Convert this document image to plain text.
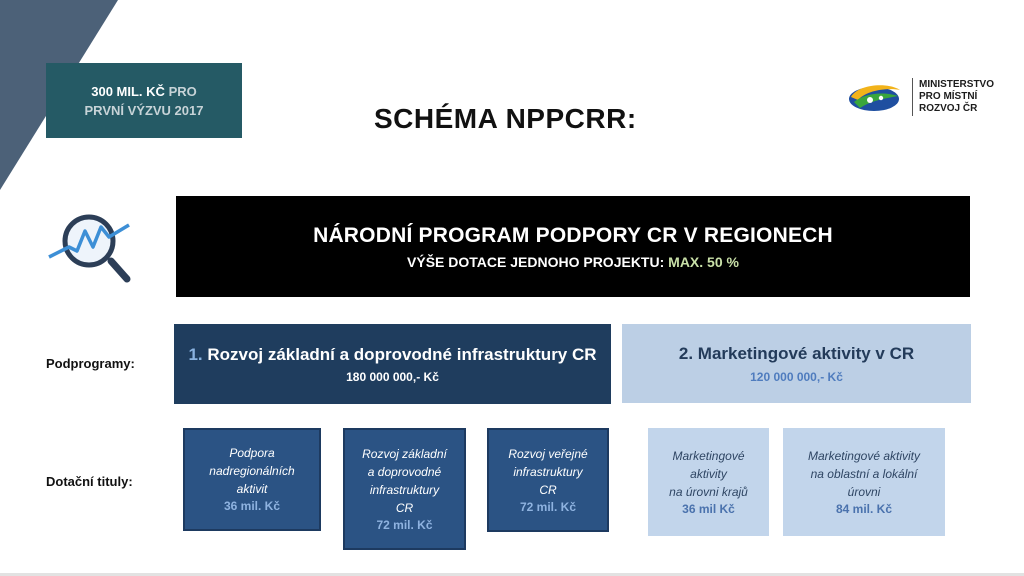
300 MIL. KČ PRO
PRVNÍ VÝZVU 2017	SCHÉMA NPPCRR:
MINISTERSTVO
PRO MÍSTNÍ
ROZVOJ ČR
NÁRODNÍ PROGRAM PODPORY CR V REGIONECH
VÝŠE DOTACE JEDNOHO PROJEKTU: MAX. 50 %
Podprogramy:
Dotační tituly:
1. Rozvoj základní a doprovodné infrastruktury CR
180 000 000,- Kč
2. Marketingové aktivity v CR
120 000 000,- Kč
Podpora
nadregionálních
aktivit
36 mil. Kč
Rozvoj základní
a doprovodné
infrastruktury
CR
72 mil. Kč
Rozvoj veřejné
infrastruktury
CR
72 mil. Kč
Marketingové
aktivity
na úrovni krajů
36 mil Kč
Marketingové aktivity
na oblastní a lokální
úrovni
84 mil. Kč
